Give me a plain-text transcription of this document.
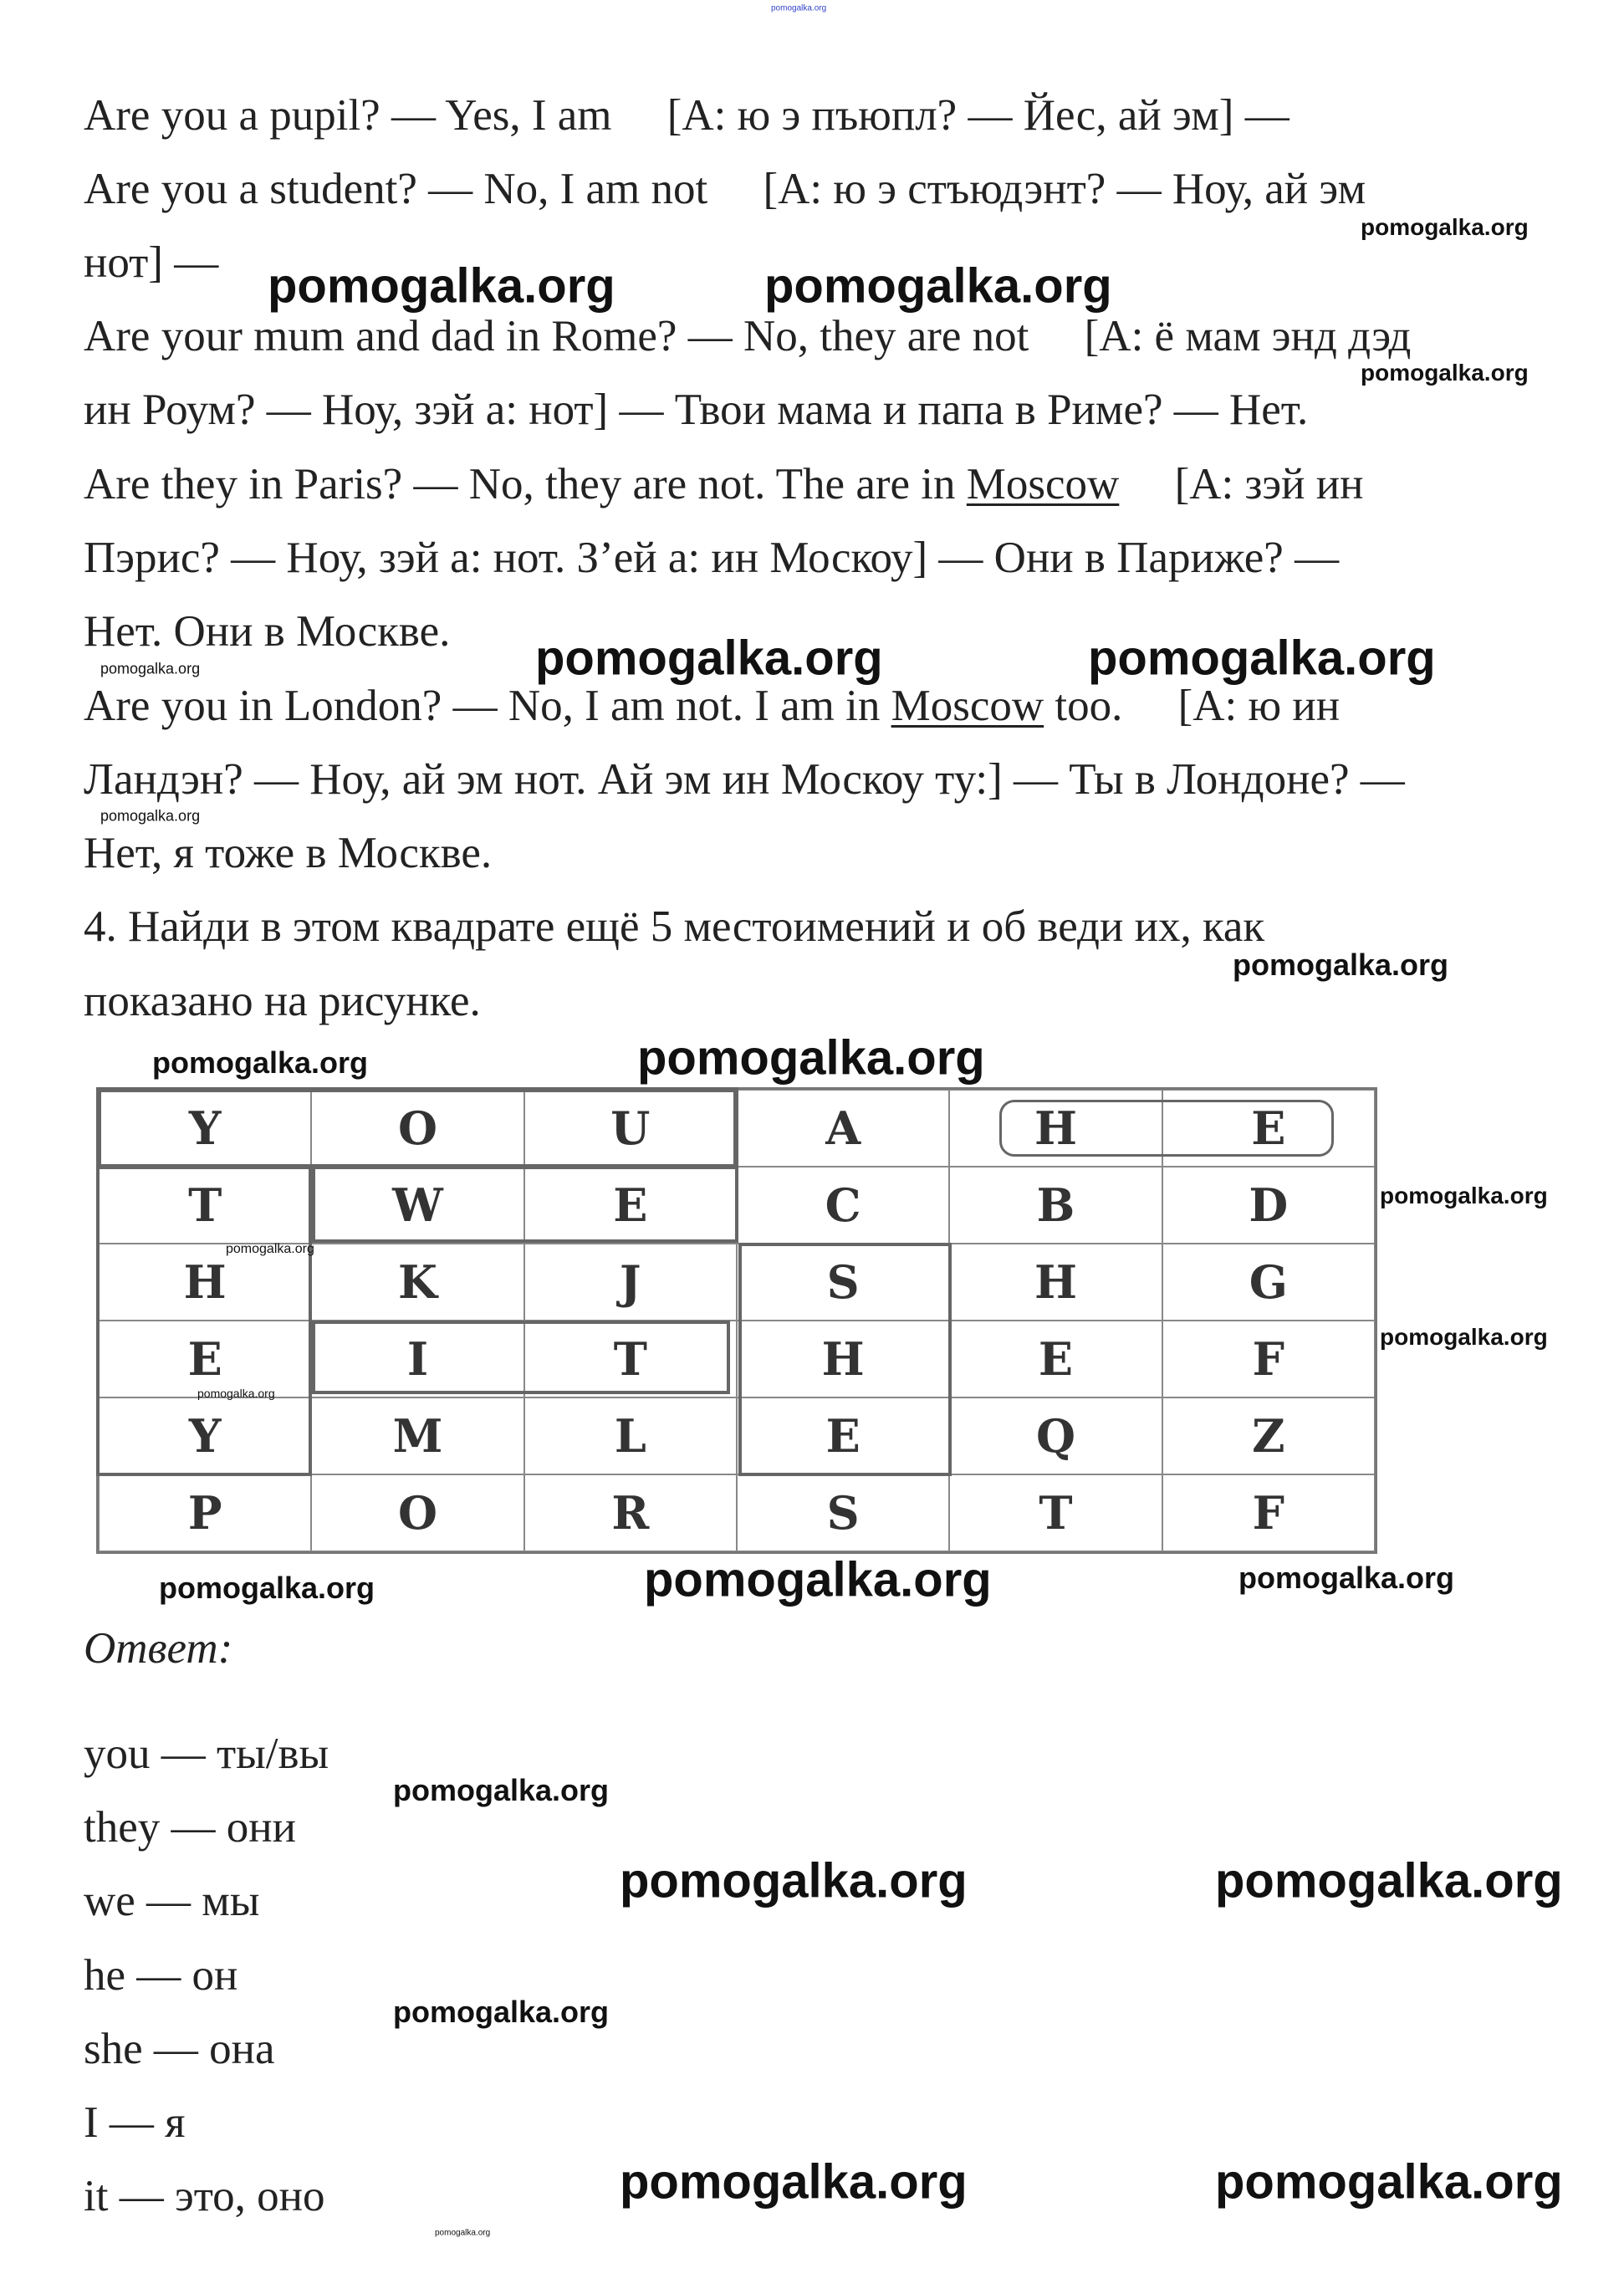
Are you a pupil? — Yes, I am     [А: ю э пъюпл? — Йес, ай эм] —
Are you a student? — No, I am not     [А: ю э стъюдэнт? — Ноу, ай эм
нот] —
Are your mum and dad in Rome? — No, they are not     [А: ё мам энд дэд
ин Роум? — Ноу, зэй а: нот] — Твои мама и папа в Риме? — Нет.
Are they in Paris? — No, they are not. The are in Moscow     [А: зэй ин
Пэрис? — Ноу, зэй а: нот. З’ей а: ин Москоу] — Они в Париже? —
Нет. Они в Москве.
Are you in London? — No, I am not. I am in Moscow too.     [А: ю ин
Ландэн? — Ноу, ай эм нот. Ай эм ин Москоу ту:] — Ты в Лондоне? —
Нет, я тоже в Москве.
4. Найди в этом квадрате ещё 5 местоимений и об веди их, как
показано на рисунке.
Y	O	U	A	H	E
T	W	E	C	B	D
H	K	J	S	H	G
E	I	T	H	E	F
Y	M	L	E	Q	Z
P	O	R	S	T	F
Ответ:
you — ты/вы
they — они
we — мы
he — он
she — она
I — я
it — это, оно
pomogalka.org
pomogalka.org
pomogalka.org	pomogalka.org
pomogalka.org
pomogalka.org	pomogalka.org
pomogalka.org
pomogalka.org
pomogalka.org
pomogalka.org	pomogalka.org
pomogalka.org
pomogalka.org
pomogalka.org
pomogalka.org
pomogalka.org	pomogalka.org	pomogalka.org
pomogalka.org
pomogalka.org	pomogalka.org
pomogalka.org
pomogalka.org	pomogalka.org
pomogalka.org
